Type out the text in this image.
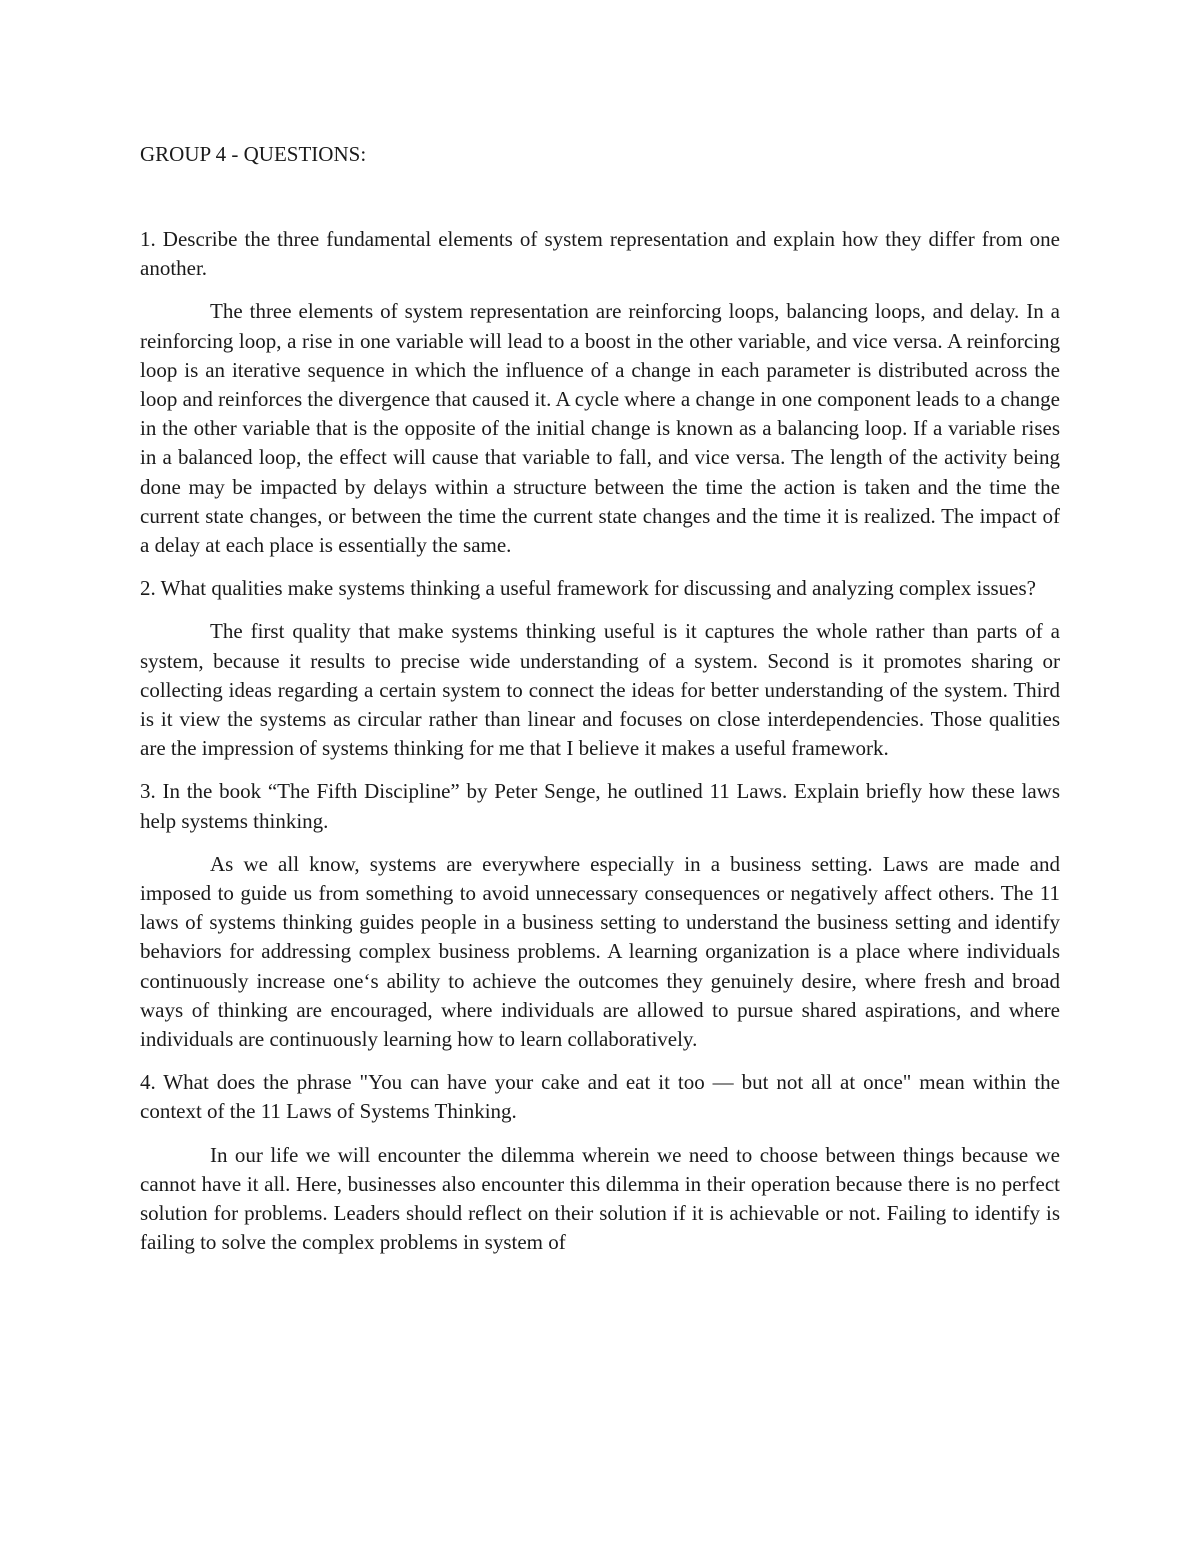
GROUP 4 - QUESTIONS:

1. Describe the three fundamental elements of system representation and explain how they differ from one another.

The three elements of system representation are reinforcing loops, balancing loops, and delay. In a reinforcing loop, a rise in one variable will lead to a boost in the other variable, and vice versa. A reinforcing loop is an iterative sequence in which the influence of a change in each parameter is distributed across the loop and reinforces the divergence that caused it. A cycle where a change in one component leads to a change in the other variable that is the opposite of the initial change is known as a balancing loop. If a variable rises in a balanced loop, the effect will cause that variable to fall, and vice versa. The length of the activity being done may be impacted by delays within a structure between the time the action is taken and the time the current state changes, or between the time the current state changes and the time it is realized. The impact of a delay at each place is essentially the same.

2. What qualities make systems thinking a useful framework for discussing and analyzing complex issues?

The first quality that make systems thinking useful is it captures the whole rather than parts of a system, because it results to precise wide understanding of a system. Second is it promotes sharing or collecting ideas regarding a certain system to connect the ideas for better understanding of the system. Third is it view the systems as circular rather than linear and focuses on close interdependencies. Those qualities are the impression of systems thinking for me that I believe it makes a useful framework.

3. In the book “The Fifth Discipline” by Peter Senge, he outlined 11 Laws. Explain briefly how these laws help systems thinking.

As we all know, systems are everywhere especially in a business setting. Laws are made and imposed to guide us from something to avoid unnecessary consequences or negatively affect others. The 11 laws of systems thinking guides people in a business setting to understand the business setting and identify behaviors for addressing complex business problems. A learning organization is a place where individuals continuously increase one‘s ability to achieve the outcomes they genuinely desire, where fresh and broad ways of thinking are encouraged, where individuals are allowed to pursue shared aspirations, and where individuals are continuously learning how to learn collaboratively.

4. What does the phrase "You can have your cake and eat it too — but not all at once" mean within the context of the 11 Laws of Systems Thinking.

In our life we will encounter the dilemma wherein we need to choose between things because we cannot have it all. Here, businesses also encounter this dilemma in their operation because there is no perfect solution for problems. Leaders should reflect on their solution if it is achievable or not. Failing to identify is failing to solve the complex problems in system of
